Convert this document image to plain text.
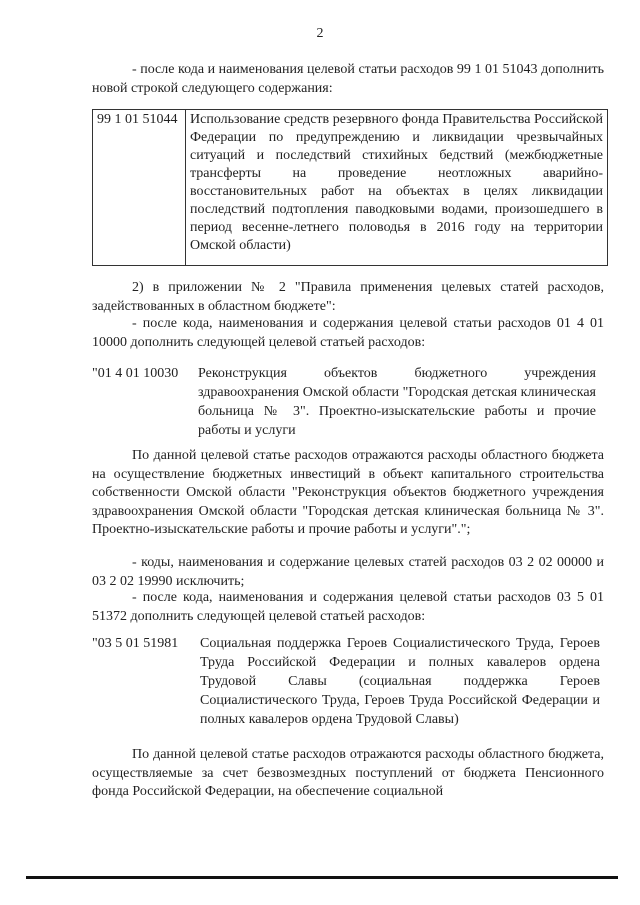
2
- после кода и наименования целевой статьи расходов 99 1 01 51043 дополнить новой строкой следующего содержания:
99 1 01 51044	Использование средств резервного фонда Правительства Российской Федерации по предупреждению и ликвидации чрезвычайных ситуаций и последствий стихийных бедствий (межбюджетные трансферты на проведение неотложных аварийно-восстановительных работ на объектах в целях ликвидации последствий подтопления паводковыми водами, произошедшего в период весенне-летнего половодья в 2016 году на территории Омской области)
2) в приложении № 2 "Правила применения целевых статей расходов, задействованных в областном бюджете":
- после кода, наименования и содержания целевой статьи расходов 01 4 01 10000 дополнить следующей целевой статьей расходов:
"01 4 01 10030 Реконструкция объектов бюджетного учреждения здравоохранения Омской области "Городская детская клиническая больница № 3". Проектно-изыскательские работы и прочие работы и услуги
По данной целевой статье расходов отражаются расходы областного бюджета на осуществление бюджетных инвестиций в объект капитального строительства собственности Омской области "Реконструкция объектов бюджетного учреждения здравоохранения Омской области "Городская детская клиническая больница № 3". Проектно-изыскательские работы и прочие работы и услуги".";
- коды, наименования и содержание целевых статей расходов 03 2 02 00000 и 03 2 02 19990 исключить;
- после кода, наименования и содержания целевой статьи расходов 03 5 01 51372 дополнить следующей целевой статьей расходов:
"03 5 01 51981 Социальная поддержка Героев Социалистического Труда, Героев Труда Российской Федерации и полных кавалеров ордена Трудовой Славы (социальная поддержка Героев Социалистического Труда, Героев Труда Российской Федерации и полных кавалеров ордена Трудовой Славы)
По данной целевой статье расходов отражаются расходы областного бюджета, осуществляемые за счет безвозмездных поступлений от бюджета Пенсионного фонда Российской Федерации, на обеспечение социальной
